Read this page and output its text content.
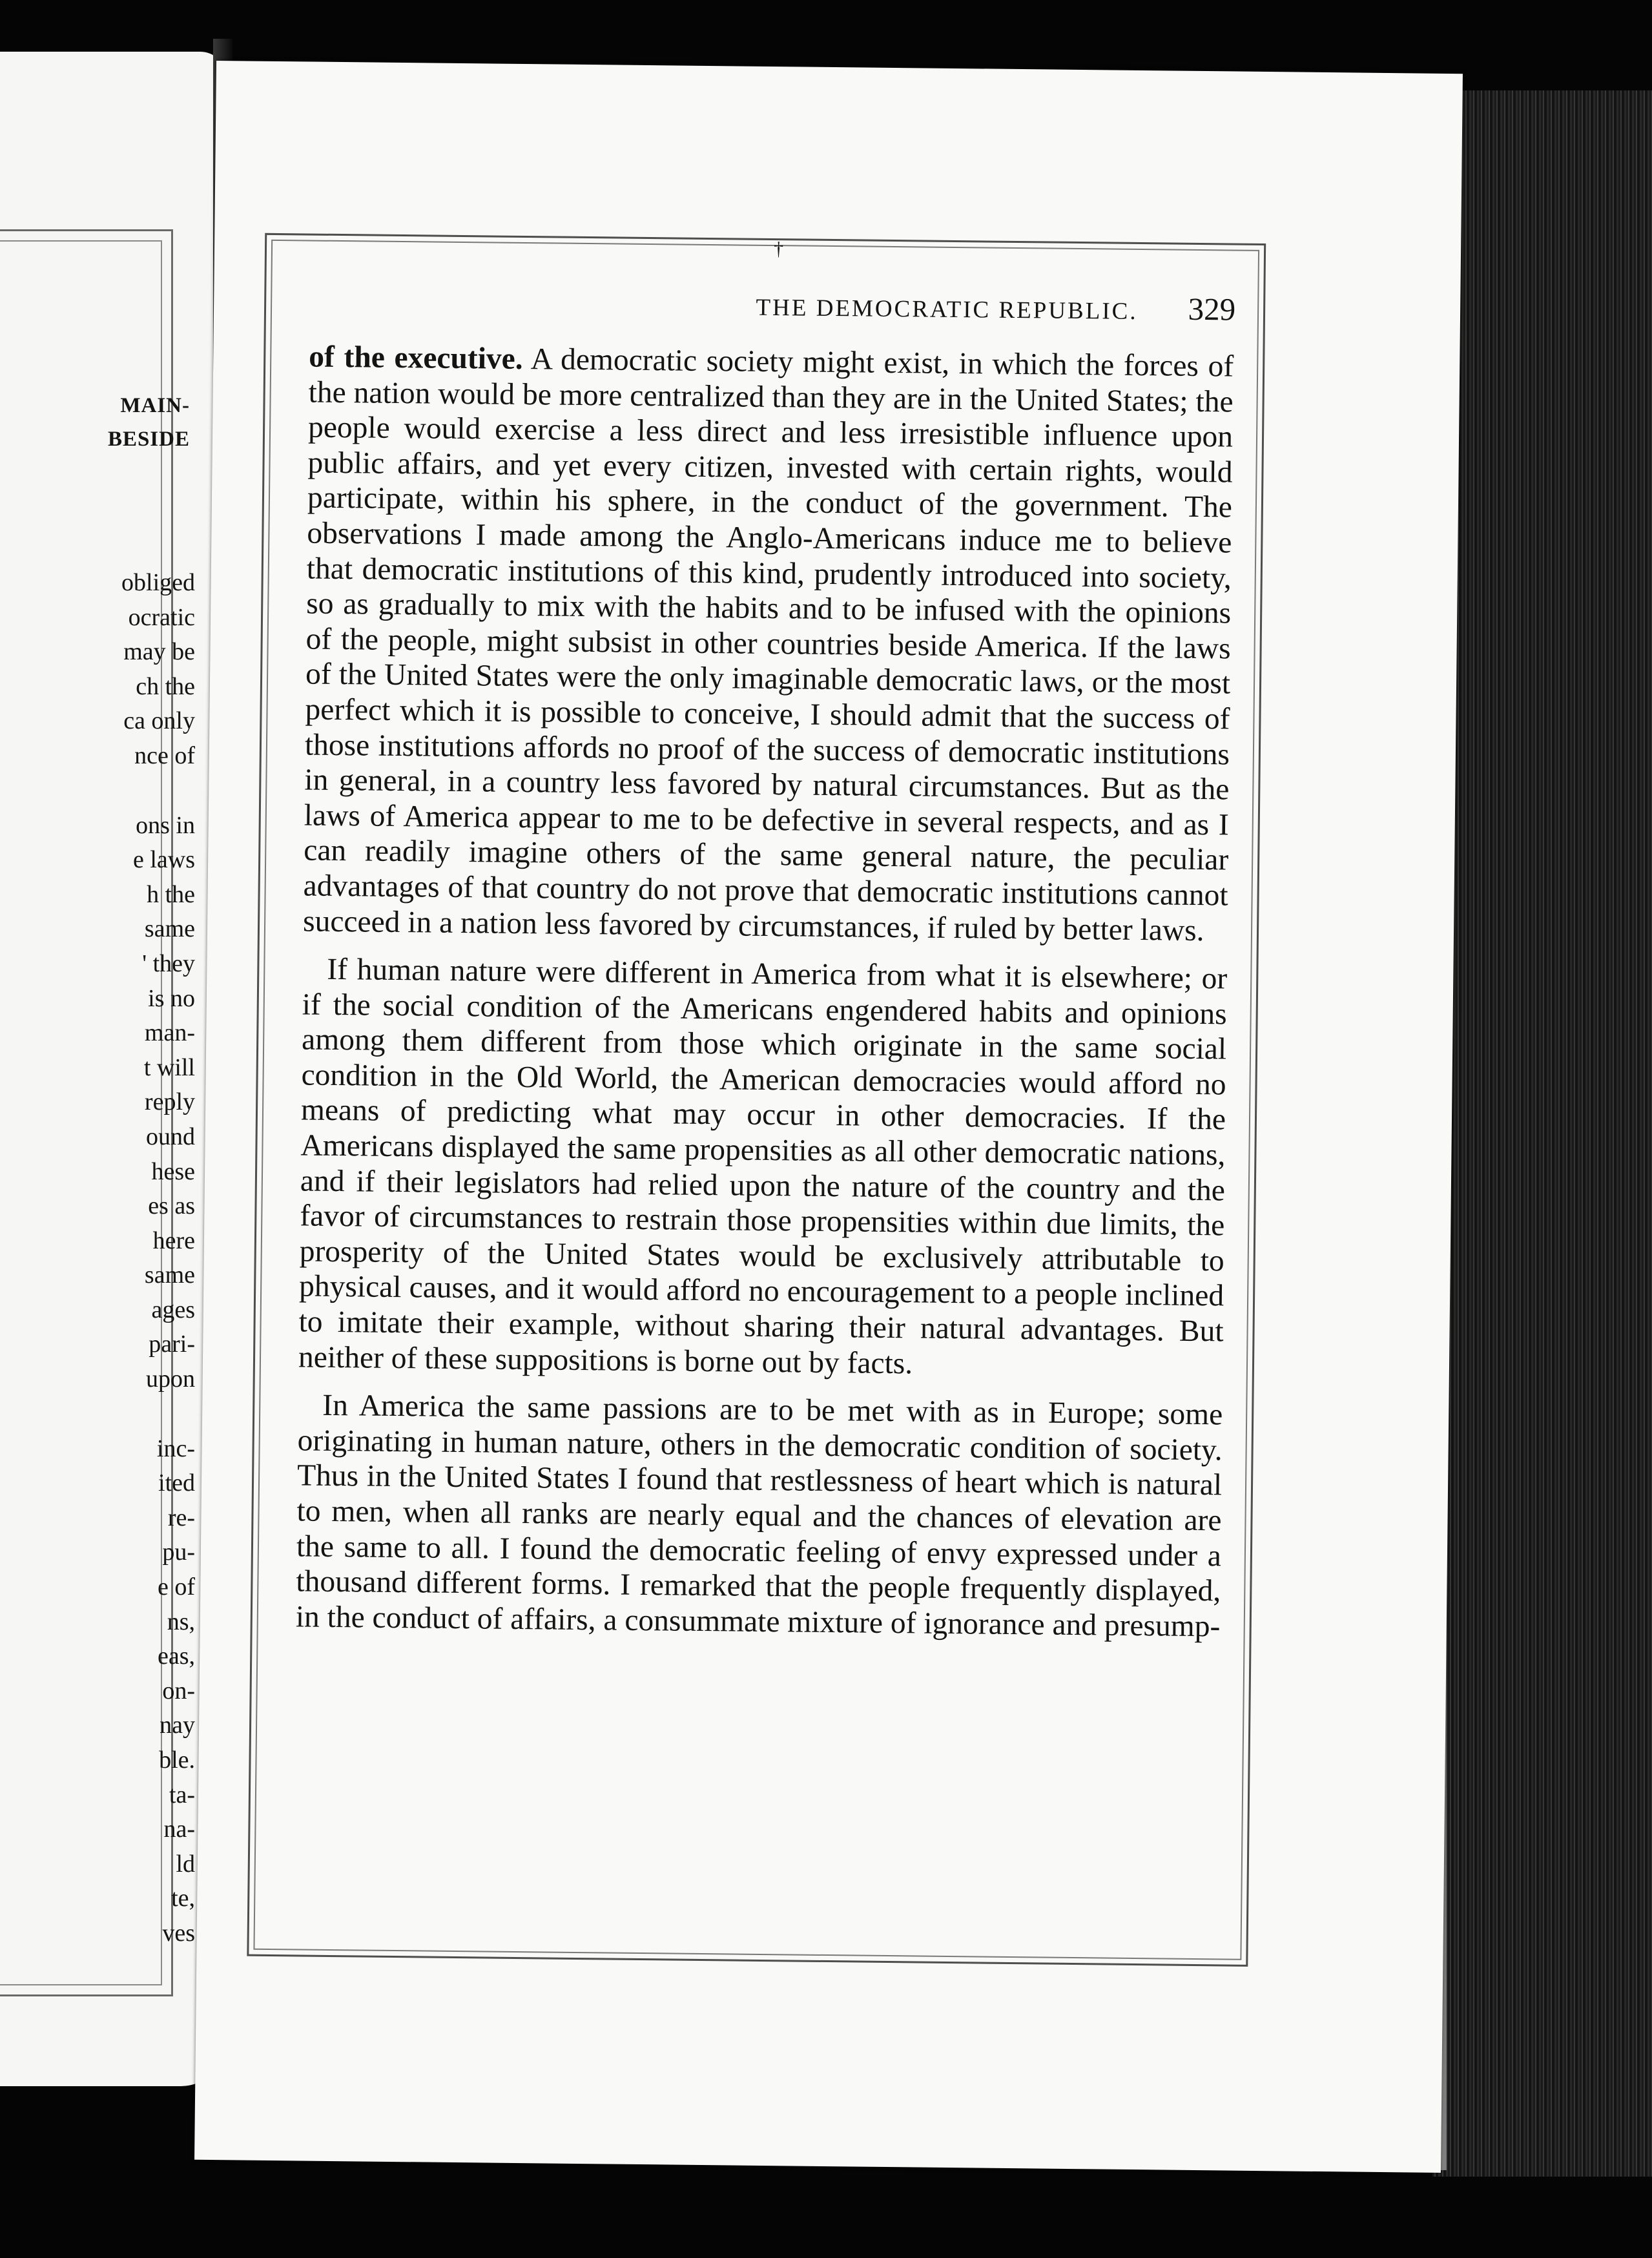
MAIN-
BESIDE
obliged
ocratic
may be
ch the
ca only
nce of
ons in
e laws
h the
same
' they
is no
man-
t will
reply
ound
hese
es as
here
same
ages
pari-
upon
inc-
ited
re-
pu-
e of
ns,
eas,
on-
nay
ble.
ta-
na-
ld
te,
ves
†
THE DEMOCRATIC REPUBLIC. 329

of the executive. A democratic society might exist, in which the forces of the nation would be more centralized than they are in the United States; the people would exercise a less direct and less irresistible influence upon public affairs, and yet every citizen, invested with certain rights, would participate, within his sphere, in the conduct of the government. The observations I made among the Anglo-Americans induce me to believe that democratic institutions of this kind, prudently introduced into society, so as gradually to mix with the habits and to be infused with the opinions of the people, might subsist in other countries beside America. If the laws of the United States were the only imaginable democratic laws, or the most perfect which it is possible to conceive, I should admit that the success of those institutions affords no proof of the success of democratic institutions in general, in a country less favored by natural circumstances. But as the laws of America appear to me to be defective in several respects, and as I can readily imagine others of the same general nature, the peculiar advantages of that country do not prove that democratic institutions cannot succeed in a nation less favored by circumstances, if ruled by better laws.

If human nature were different in America from what it is elsewhere; or if the social condition of the Americans engendered habits and opinions among them different from those which originate in the same social condition in the Old World, the American democracies would afford no means of predicting what may occur in other democracies. If the Americans displayed the same propensities as all other democratic nations, and if their legislators had relied upon the nature of the country and the favor of circumstances to restrain those propensities within due limits, the prosperity of the United States would be exclusively attributable to physical causes, and it would afford no encouragement to a people inclined to imitate their example, without sharing their natural advantages. But neither of these suppositions is borne out by facts.

In America the same passions are to be met with as in Europe; some originating in human nature, others in the democratic condition of society. Thus in the United States I found that restlessness of heart which is natural to men, when all ranks are nearly equal and the chances of elevation are the same to all. I found the democratic feeling of envy expressed under a thousand different forms. I remarked that the people frequently displayed, in the conduct of affairs, a consummate mixture of ignorance and presump-
